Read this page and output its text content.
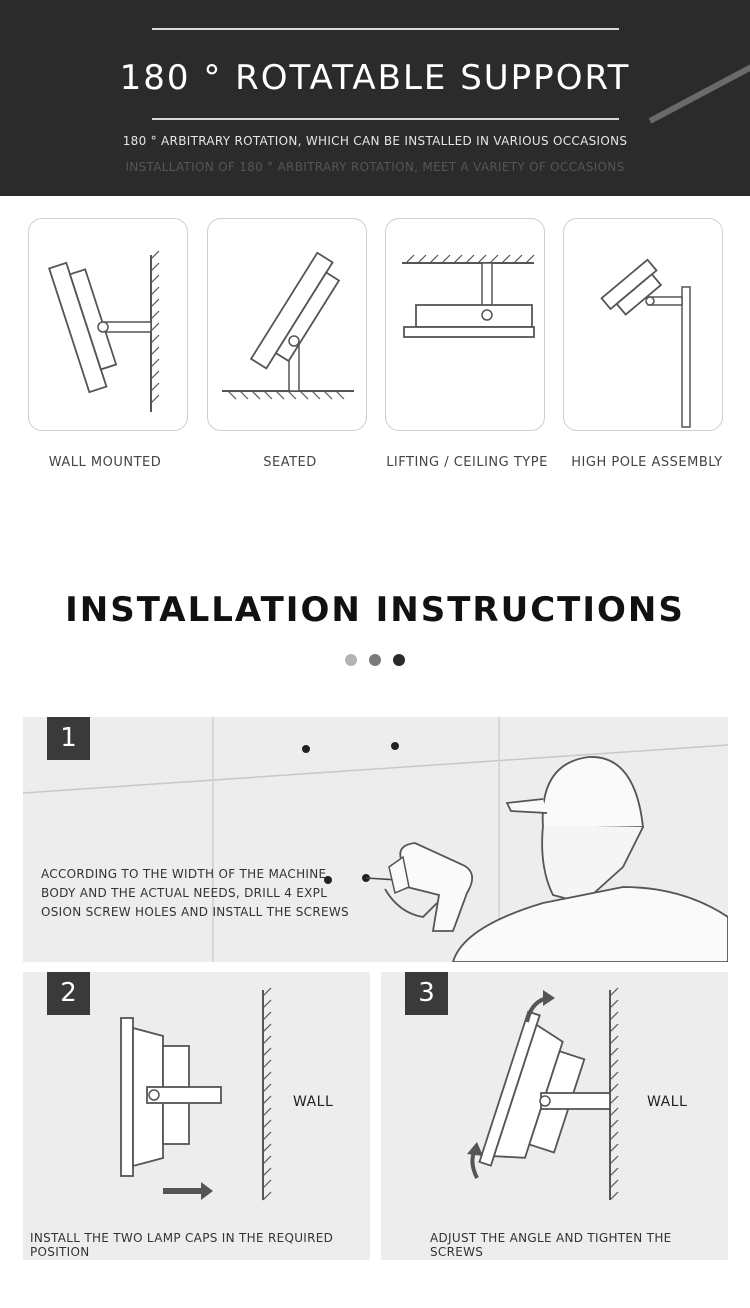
180 ° ROTATABLE SUPPORT
180 ° ARBITRARY ROTATION, WHICH CAN BE INSTALLED IN VARIOUS OCCASIONS
INSTALLATION OF 180 ° ARBITRARY ROTATION, MEET A VARIETY OF OCCASIONS
WALL MOUNTED	SEATED	LIFTING / CEILING TYPE	HIGH POLE ASSEMBLY
INSTALLATION INSTRUCTIONS
1
ACCORDING TO THE WIDTH OF THE MACHINE
BODY AND THE ACTUAL NEEDS, DRILL 4 EXPL
OSION SCREW HOLES AND INSTALL THE SCREWS
2
WALL
INSTALL THE TWO LAMP CAPS IN THE REQUIRED POSITION
3
WALL
ADJUST THE ANGLE AND TIGHTEN THE SCREWS
